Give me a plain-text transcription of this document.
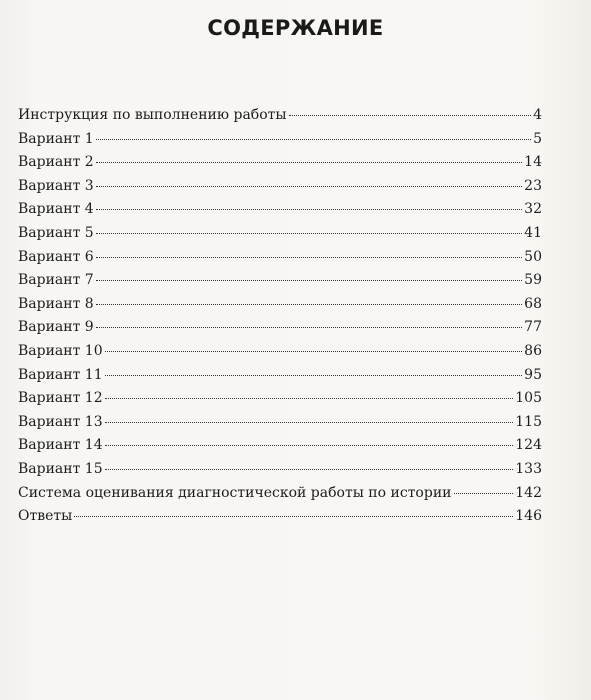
СОДЕРЖАНИЕ
Инструкция по выполнению работы	4
Вариант 1	5
Вариант 2	14
Вариант 3	23
Вариант 4	32
Вариант 5	41
Вариант 6	50
Вариант 7	59
Вариант 8	68
Вариант 9	77
Вариант 10	86
Вариант 11	95
Вариант 12	105
Вариант 13	115
Вариант 14	124
Вариант 15	133
Система оценивания диагностической работы по истории	142
Ответы	146
